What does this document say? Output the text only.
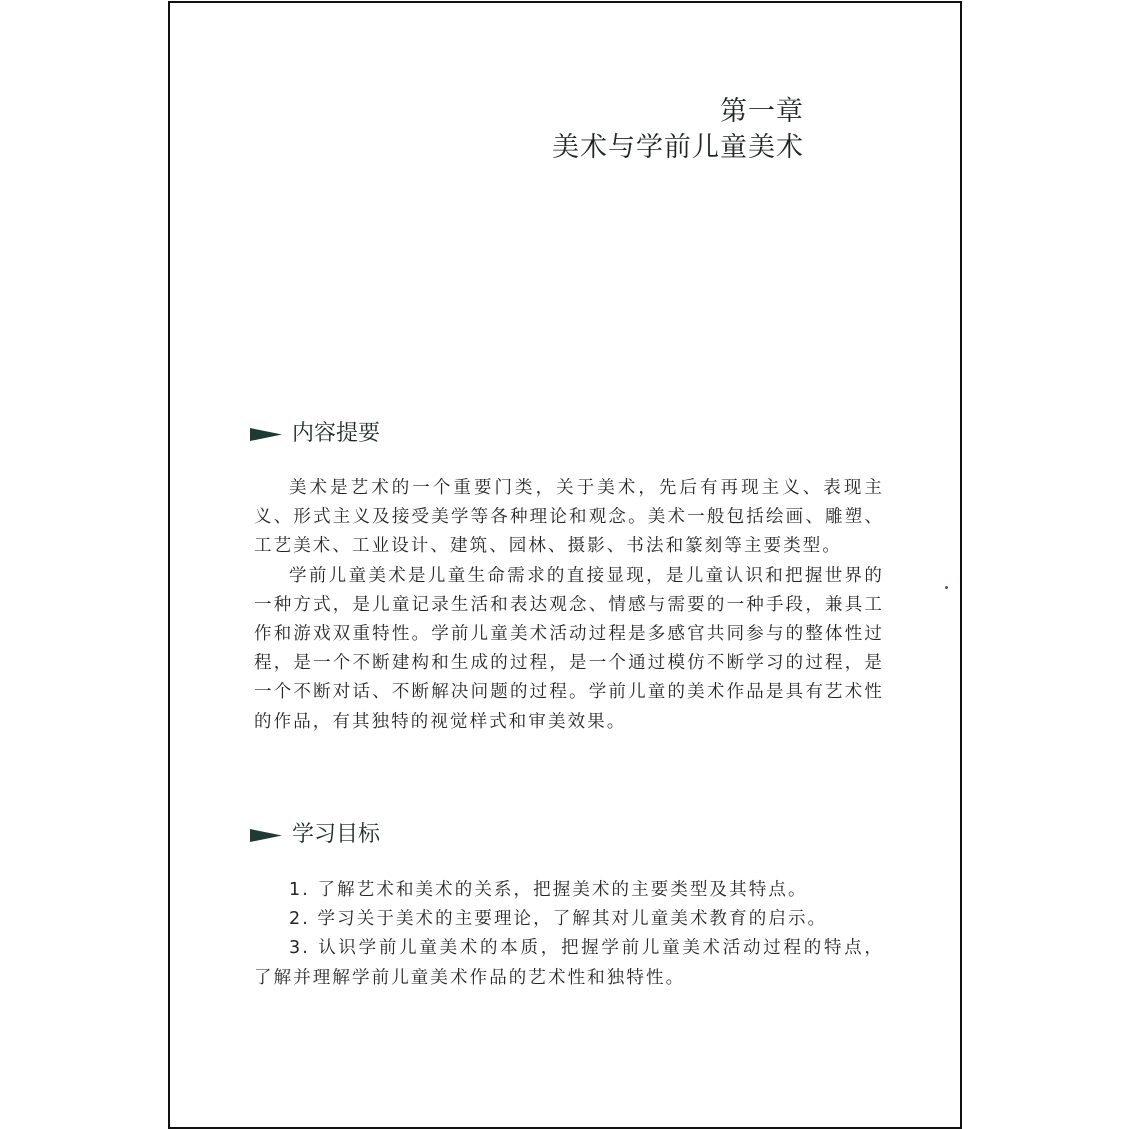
第一章
美术与学前儿童美术
内容提要

美术是艺术的一个重要门类，关于美术，先后有再现主义、表现主义、形式主义及接受美学等各种理论和观念。美术一般包括绘画、雕塑、工艺美术、工业设计、建筑、园林、摄影、书法和篆刻等主要类型。

学前儿童美术是儿童生命需求的直接显现，是儿童认识和把握世界的一种方式，是儿童记录生活和表达观念、情感与需要的一种手段，兼具工作和游戏双重特性。学前儿童美术活动过程是多感官共同参与的整体性过程，是一个不断建构和生成的过程，是一个通过模仿不断学习的过程，是一个不断对话、不断解决问题的过程。学前儿童的美术作品是具有艺术性的作品，有其独特的视觉样式和审美效果。

学习目标

1. 了解艺术和美术的关系，把握美术的主要类型及其特点。

2. 学习关于美术的主要理论，了解其对儿童美术教育的启示。

3. 认识学前儿童美术的本质，把握学前儿童美术活动过程的特点，了解并理解学前儿童美术作品的艺术性和独特性。
